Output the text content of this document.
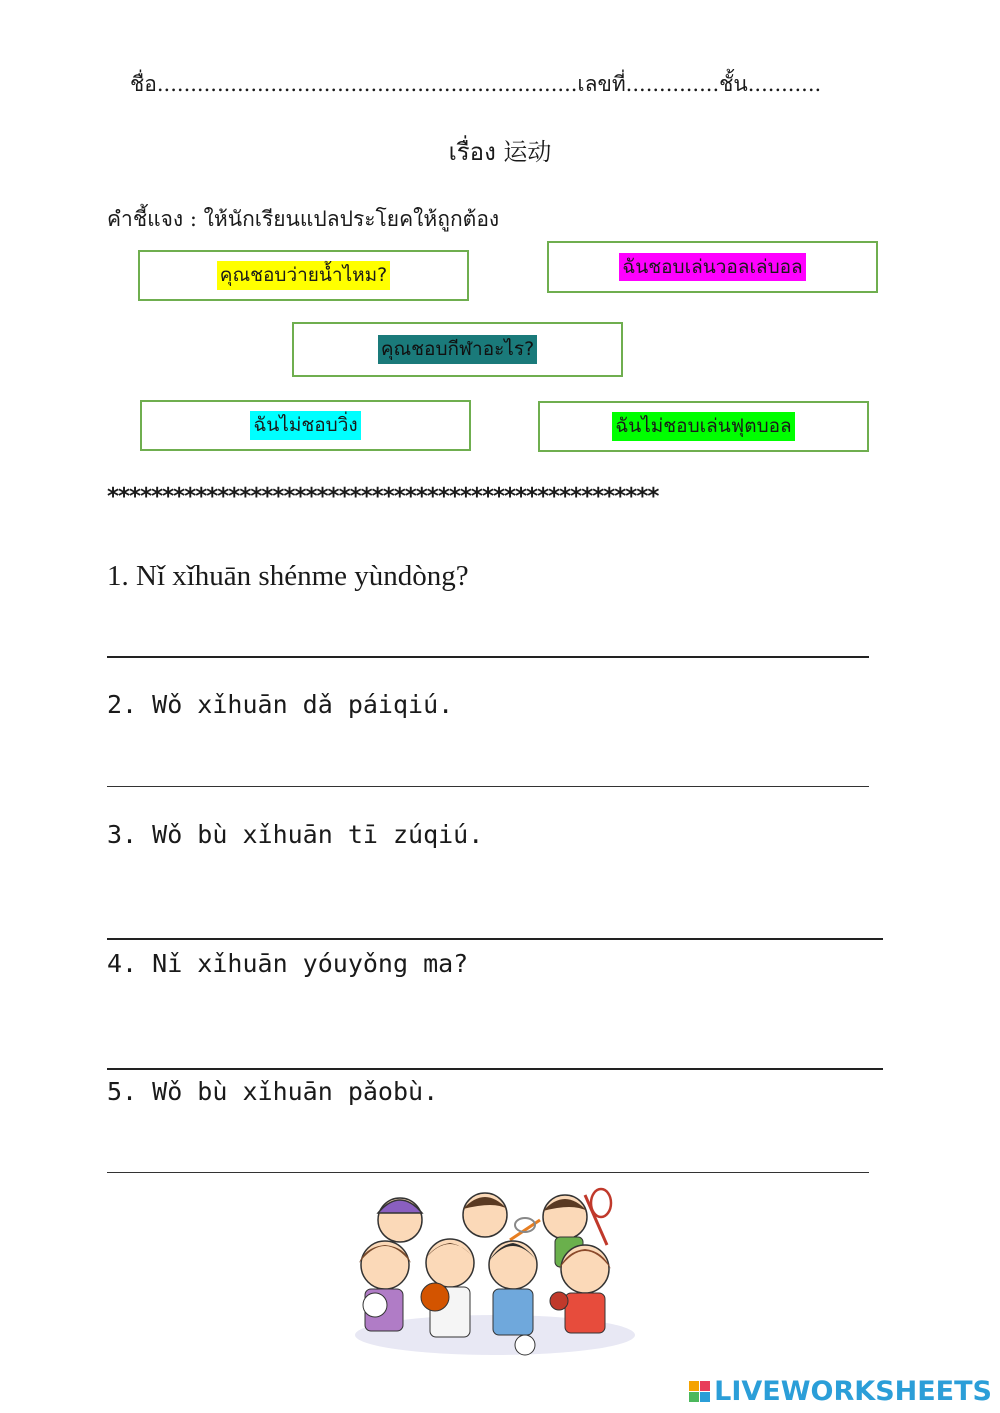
ชื่อ...............................................................เลขที่..............ชั้น...........
เรื่อง 运动
คำชี้แจง : ให้นักเรียนแปลประโยคให้ถูกต้อง
คุณชอบว่ายน้ำไหม?	ฉันชอบเล่นวอลเล่บอล
คุณชอบกีฬาอะไร?
ฉันไม่ชอบวิ่ง	ฉันไม่ชอบเล่นฟุตบอล
**************************************************
1. Nǐ xǐhuān shénme yùndòng?
2. Wǒ xǐhuān dǎ páiqiú.
3. Wǒ bù xǐhuān tī zúqiú.
4. Nǐ xǐhuān yóuyǒng ma?
5. Wǒ bù xǐhuān pǎobù.
LIVEWORKSHEETS
